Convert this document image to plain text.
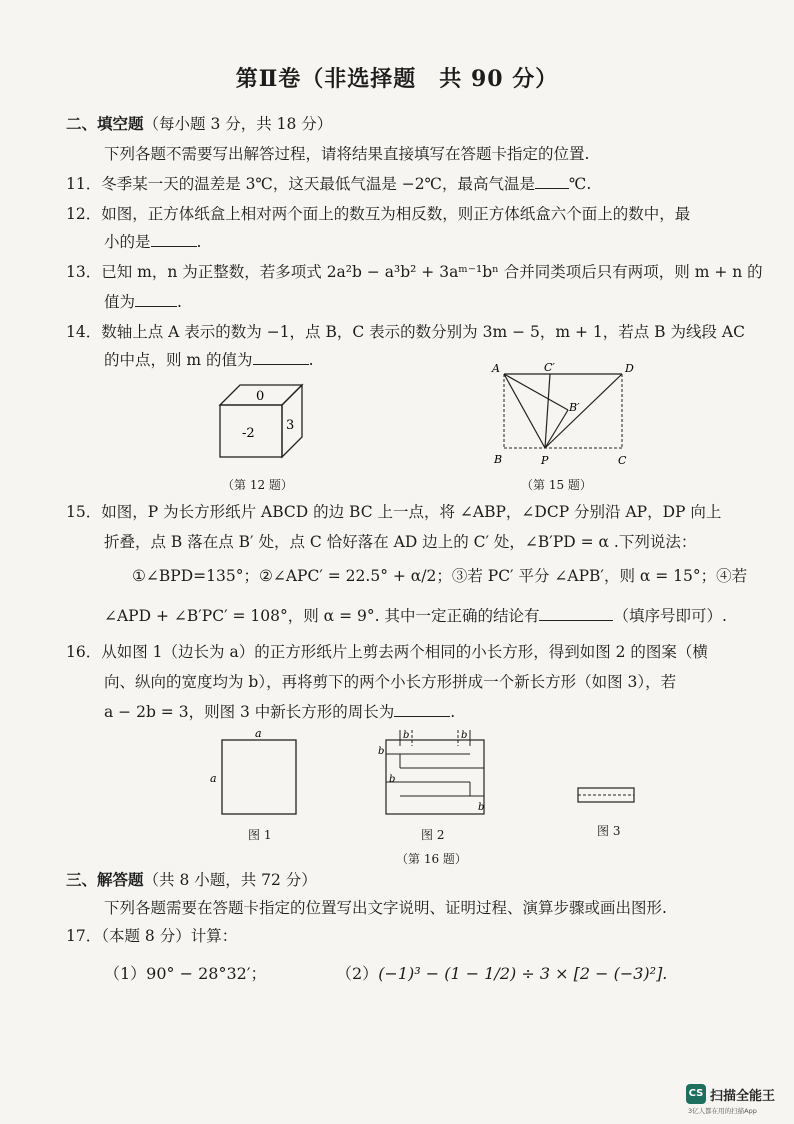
第Ⅱ卷（非选择题　共 90 分）
二、填空题（每小题 3 分，共 18 分）
下列各题不需要写出解答过程，请将结果直接填写在答题卡指定的位置.
11．冬季某一天的温差是 3℃，这天最低气温是 −2℃，最高气温是 ℃.
12．如图，正方体纸盒上相对两个面上的数互为相反数，则正方体纸盒六个面上的数中，最
小的是	.
13．已知 m，n 为正整数，若多项式 2a²b − a³b² + 3aᵐ⁻¹bⁿ 合并同类项后只有两项，则 m + n 的
值为	.
14．数轴上点 A 表示的数为 −1，点 B，C 表示的数分别为 3m − 5，m + 1，若点 B 为线段 AC
的中点，则 m 的值为	.
0
-2
3
（第 12 题）
A	C′	D
B′
B	P	C
（第 15 题）
15．如图，P 为长方形纸片 ABCD 的边 BC 上一点，将 ∠ABP，∠DCP 分别沿 AP，DP 向上
折叠，点 B 落在点 B′ 处，点 C 恰好落在 AD 边上的 C′ 处，∠B′PD = α .下列说法：
①∠BPD=135°；②∠APC′ = 22.5° + α/2；③若 PC′ 平分 ∠APB′，则 α = 15°；④若
∠APD + ∠B′PC′ = 108°，则 α = 9°. 其中一定正确的结论有	（填序号即可）.
16．从如图 1（边长为 a）的正方形纸片上剪去两个相同的小长方形，得到如图 2 的图案（横
向、纵向的宽度均为 b），再将剪下的两个小长方形拼成一个新长方形（如图 3），若
a − 2b = 3，则图 3 中新长方形的周长为	.
a
a
b	b
b
b
b
图 1	图 2	图 3
（第 16 题）
三、解答题（共 8 小题，共 72 分）
下列各题需要在答题卡指定的位置写出文字说明、证明过程、演算步骤或画出图形.
17．（本题 8 分）计算：
（1）90° − 28°32′；	（2）(−1)³ − (1 − 1/2) ÷ 3 × [2 − (−3)²].
CS 扫描全能王
3亿人都在用的扫描App
